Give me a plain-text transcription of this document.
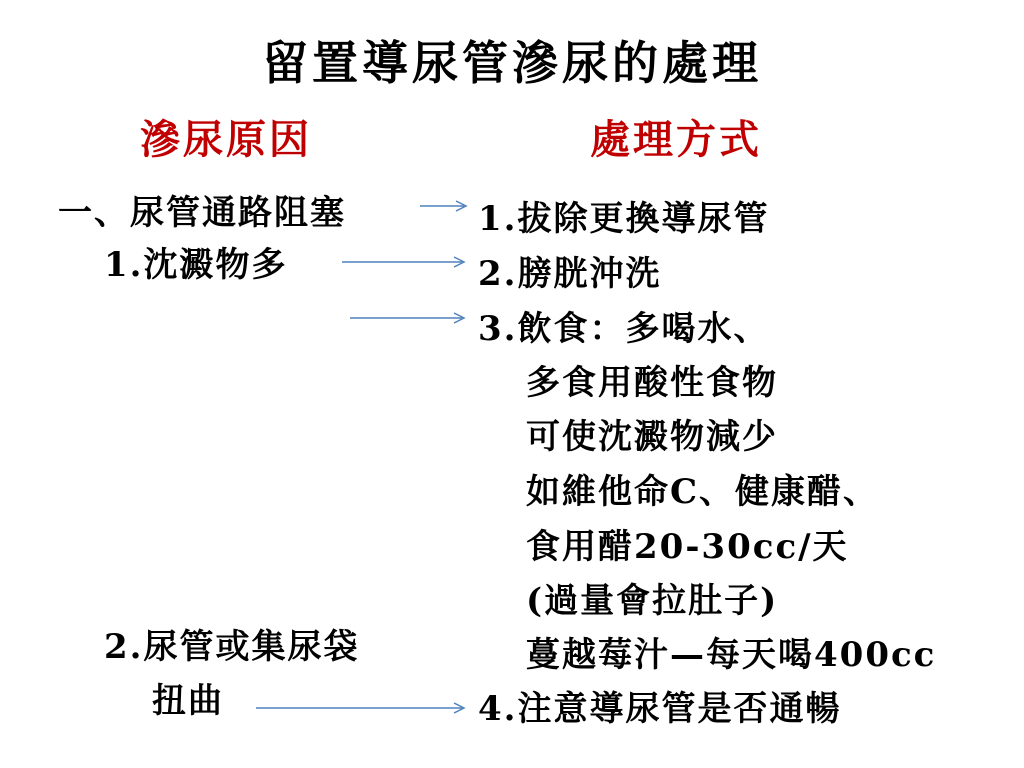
留置導尿管滲尿的處理
滲尿原因	處理方式
一、尿管通路阻塞
1.沈澱物多
2.尿管或集尿袋
扭曲
1.拔除更換導尿管
2.膀胱沖洗
3.飲食：多喝水、
多食用酸性食物
可使沈澱物減少
如維他命C、健康醋、
食用醋20-30cc/天
(過量會拉肚子)
蔓越莓汁—每天喝400cc
4.注意導尿管是否通暢
